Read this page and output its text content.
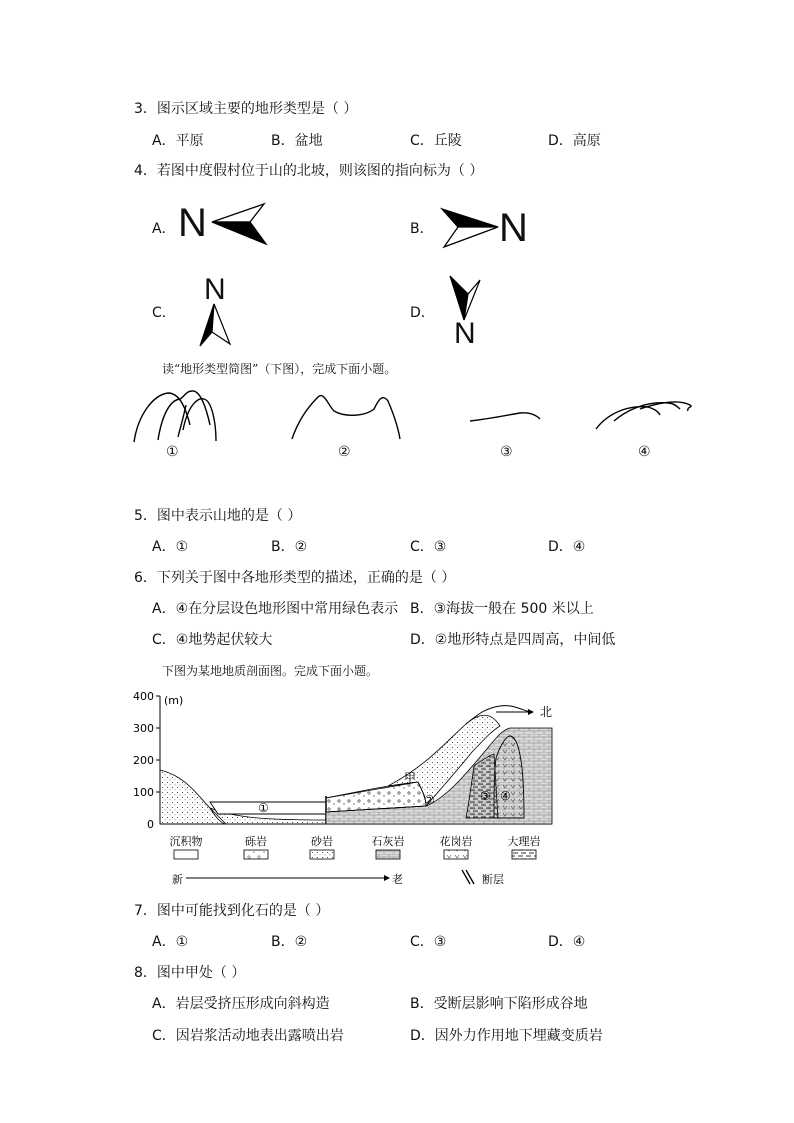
3．图示区域主要的地形类型是（ ）
A．平原	B．盆地	C．丘陵	D．高原
4．若图中度假村位于山的北坡，则该图的指向标为（ ）
A． N	B． N
C．
N
D．
N
读“地形类型简图”（下图），完成下面小题。
①	②	③	④
5．图中表示山地的是（ ）
A．①	B．②	C．③	D．④
6．下列关于图中各地形类型的描述，正确的是（ ）
A．④在分层设色地形图中常用绿色表示 B．③海拔一般在 500 米以上
C．④地势起伏较大	D．②地形特点是四周高，中间低
下图为某地地质剖面图。完成下面小题。
400
300
200
100
0
(m)
北
①
甲
②	③ ④
沉积物	砾岩	砂岩	石灰岩	花岗岩	大理岩
新	老	断层
7．图中可能找到化石的是（ ）
A．①	B．②	C．③	D．④
8．图中甲处（ ）
A．岩层受挤压形成向斜构造	B．受断层影响下陷形成谷地
C．因岩浆活动地表出露喷出岩	D．因外力作用地下埋藏变质岩
